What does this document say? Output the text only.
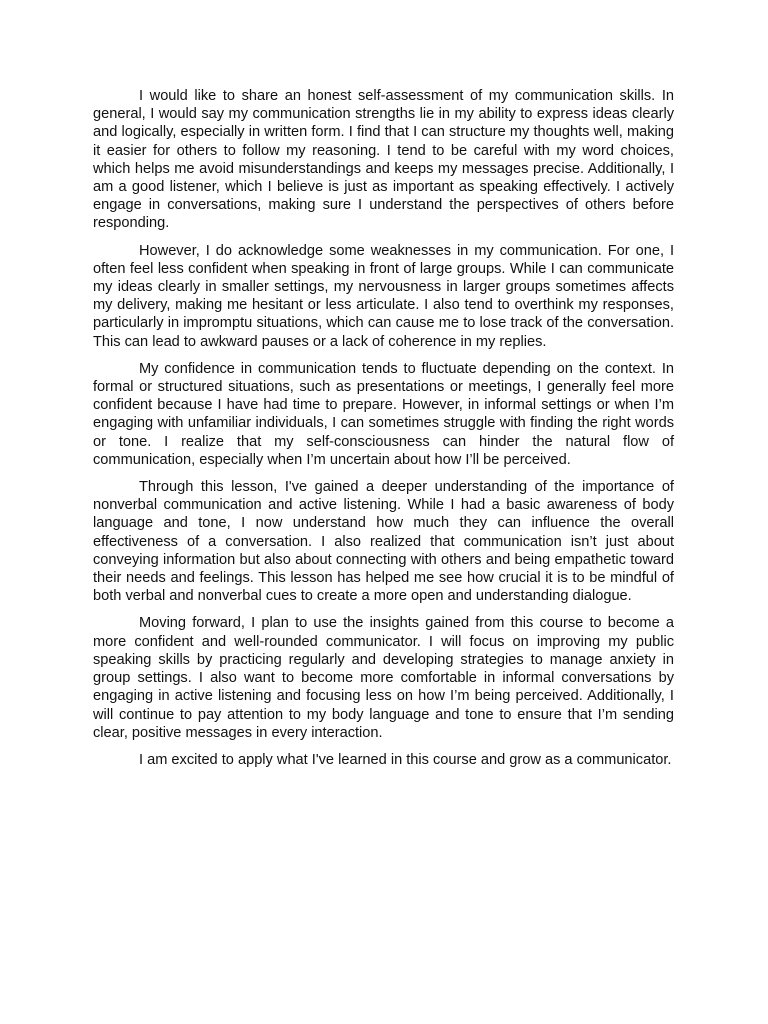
I would like to share an honest self-assessment of my communication skills. In general, I would say my communication strengths lie in my ability to express ideas clearly and logically, especially in written form. I find that I can structure my thoughts well, making it easier for others to follow my reasoning. I tend to be careful with my word choices, which helps me avoid misunderstandings and keeps my messages precise. Additionally, I am a good listener, which I believe is just as important as speaking effectively. I actively engage in conversations, making sure I understand the perspectives of others before responding.

However, I do acknowledge some weaknesses in my communication. For one, I often feel less confident when speaking in front of large groups. While I can communicate my ideas clearly in smaller settings, my nervousness in larger groups sometimes affects my delivery, making me hesitant or less articulate. I also tend to overthink my responses, particularly in impromptu situations, which can cause me to lose track of the conversation. This can lead to awkward pauses or a lack of coherence in my replies.

My confidence in communication tends to fluctuate depending on the context. In formal or structured situations, such as presentations or meetings, I generally feel more confident because I have had time to prepare. However, in informal settings or when I’m engaging with unfamiliar individuals, I can sometimes struggle with finding the right words or tone. I realize that my self-consciousness can hinder the natural flow of communication, especially when I’m uncertain about how I’ll be perceived.

Through this lesson, I've gained a deeper understanding of the importance of nonverbal communication and active listening. While I had a basic awareness of body language and tone, I now understand how much they can influence the overall effectiveness of a conversation. I also realized that communication isn’t just about conveying information but also about connecting with others and being empathetic toward their needs and feelings. This lesson has helped me see how crucial it is to be mindful of both verbal and nonverbal cues to create a more open and understanding dialogue.

Moving forward, I plan to use the insights gained from this course to become a more confident and well-rounded communicator. I will focus on improving my public speaking skills by practicing regularly and developing strategies to manage anxiety in group settings. I also want to become more comfortable in informal conversations by engaging in active listening and focusing less on how I’m being perceived. Additionally, I will continue to pay attention to my body language and tone to ensure that I’m sending clear, positive messages in every interaction.

I am excited to apply what I've learned in this course and grow as a communicator.
